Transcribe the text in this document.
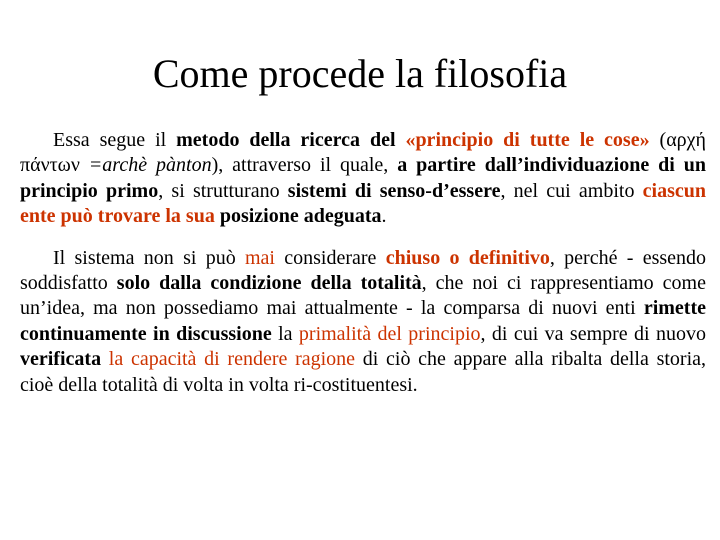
Come procede la filosofia

Essa segue il metodo della ricerca del «principio di tutte le cose» (αρχή πάντων =archè pànton), attraverso il quale, a partire dall’individuazione di un principio primo, si strutturano sistemi di senso-d’essere, nel cui ambito ciascun ente può trovare la sua posizione adeguata.

Il sistema non si può mai considerare chiuso o definitivo, perché - essendo soddisfatto solo dalla condizione della totalità, che noi ci rappresentiamo come un’idea, ma non possediamo mai attualmente - la comparsa di nuovi enti rimette continuamente in discussione la primalità del principio, di cui va sempre di nuovo verificata la capacità di rendere ragione di ciò che appare alla ribalta della storia, cioè della totalità di volta in volta ri-costituentesi.
